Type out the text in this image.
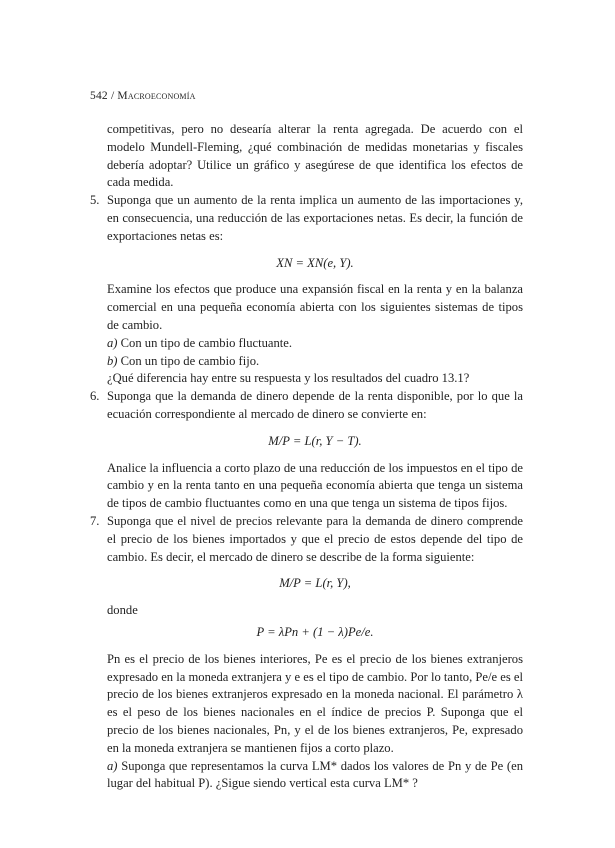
542 / Macroeconomía

competitivas, pero no desearía alterar la renta agregada. De acuerdo con el modelo Mundell-Fleming, ¿qué combinación de medidas monetarias y fiscales debería adoptar? Utilice un gráfico y asegúrese de que identifica los efectos de cada medida.

5. Suponga que un aumento de la renta implica un aumento de las importaciones y, en consecuencia, una reducción de las exportaciones netas. Es decir, la función de exportaciones netas es:

XN = XN(e, Y).

Examine los efectos que produce una expansión fiscal en la renta y en la balanza comercial en una pequeña economía abierta con los siguientes sistemas de tipos de cambio.

a) Con un tipo de cambio fluctuante.

b) Con un tipo de cambio fijo.

¿Qué diferencia hay entre su respuesta y los resultados del cuadro 13.1?

6. Suponga que la demanda de dinero depende de la renta disponible, por lo que la ecuación correspondiente al mercado de dinero se convierte en:

M/P = L(r, Y − T).

Analice la influencia a corto plazo de una reducción de los impuestos en el tipo de cambio y en la renta tanto en una pequeña economía abierta que tenga un sistema de tipos de cambio fluctuantes como en una que tenga un sistema de tipos fijos.

7. Suponga que el nivel de precios relevante para la demanda de dinero comprende el precio de los bienes importados y que el precio de estos depende del tipo de cambio. Es decir, el mercado de dinero se describe de la forma siguiente:

M/P = L(r, Y),

donde

P = λPn + (1 − λ)Pe/e.

Pn es el precio de los bienes interiores, Pe es el precio de los bienes extranjeros expresado en la moneda extranjera y e es el tipo de cambio. Por lo tanto, Pe/e es el precio de los bienes extranjeros expresado en la moneda nacional. El parámetro λ es el peso de los bienes nacionales en el índice de precios P. Suponga que el precio de los bienes nacionales, Pn, y el de los bienes extranjeros, Pe, expresado en la moneda extranjera se mantienen fijos a corto plazo.

a) Suponga que representamos la curva LM* dados los valores de Pn y de Pe (en lugar del habitual P). ¿Sigue siendo vertical esta curva LM* ?
